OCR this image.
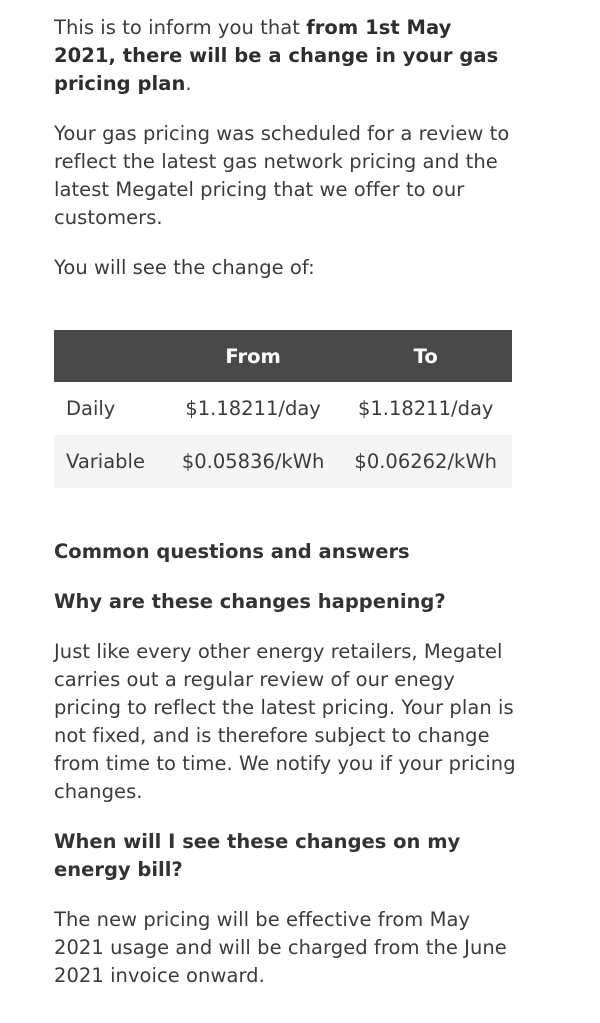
This is to inform you that from 1st May 2021, there will be a change in your gas pricing plan.

Your gas pricing was scheduled for a review to reflect the latest gas network pricing and the latest Megatel pricing that we offer to our customers.

You will see the change of:

	From	To
Daily	$1.18211/day	$1.18211/day
Variable	$0.05836/kWh	$0.06262/kWh
Common questions and answers
Why are these changes happening?

Just like every other energy retailers, Megatel carries out a regular review of our enegy pricing to reflect the latest pricing. Your plan is not fixed, and is therefore subject to change from time to time. We notify you if your pricing changes.

When will I see these changes on my energy bill?

The new pricing will be effective from May 2021 usage and will be charged from the June 2021 invoice onward.
